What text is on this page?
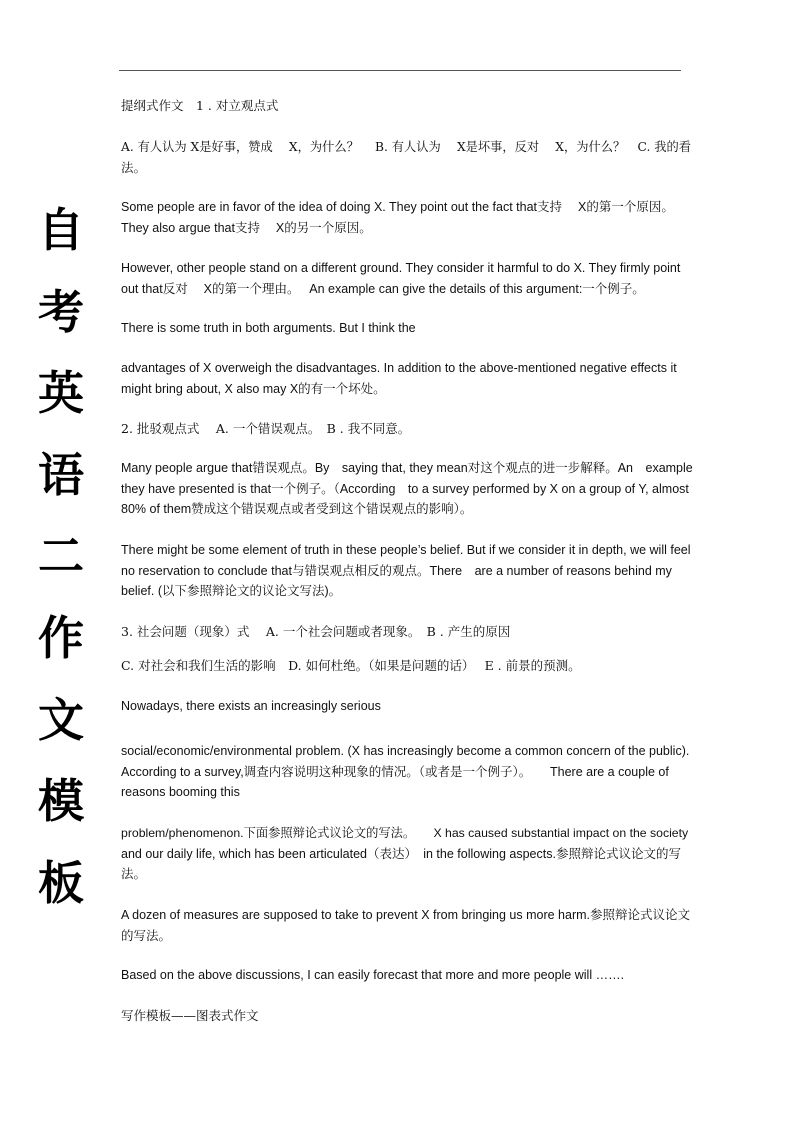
自
考
英
语
二
作
文
模
板
提纲式作文　1 . 对立观点式
A. 有人认为 X是好事，赞成　 X，为什么？　 B. 有人认为　 X是坏事，反对　 X，为什么？　C. 我的看
法。
Some people are in favor of the idea of doing X. They point out the fact that支持　 X的第一个原因。
They also argue that支持　 X的另一个原因。
However, other people stand on a different ground. They consider it harmful to do X. They firmly point
out that反对　 X的第一个理由。　 An example can give the details of this argument:一个例子。
There is some truth in both arguments. But I think the
advantages of X overweigh the disadvantages. In addition to the above-mentioned negative effects it
might bring about, X also may X的有一个坏处。
2. 批驳观点式　 A. 一个错误观点。　B . 我不同意。
Many people argue that错误观点。By　saying that, they mean对这个观点的进一步解释。An　example
they have presented is that一个例子。（According　to a survey performed by X on a group of Y, almost
80% of them赞成这个错误观点或者受到这个错误观点的影响）。
There might be some element of truth in these people’s belief. But if we consider it in depth, we will feel
no reservation to conclude that与错误观点相反的观点。There　are a number of reasons behind my
belief. (以下参照辩论文的议论文写法)。
3. 社会问题（现象）式　 A. 一个社会问题或者现象。　B . 产生的原因
C. 对社会和我们生活的影响　D. 如何杜绝。（如果是问题的话）　 E . 前景的预测。
Nowadays, there exists an increasingly serious
social/economic/environmental problem. (X has increasingly become a common concern of the public).
According to a survey,调查内容说明这种现象的情况。（或者是一个例子）。　　There are a couple of
reasons booming this
problem/phenomenon.下面参照辩论式议论文的写法。　　X has caused substantial impact on the society
and our daily life, which has been articulated（表达）　in the following aspects.参照辩论式议论文的写
法。
A dozen of measures are supposed to take to prevent X from bringing us more harm.参照辩论式议论文
的写法。
Based on the above discussions, I can easily forecast that more and more people will …….
写作模板——图表式作文
